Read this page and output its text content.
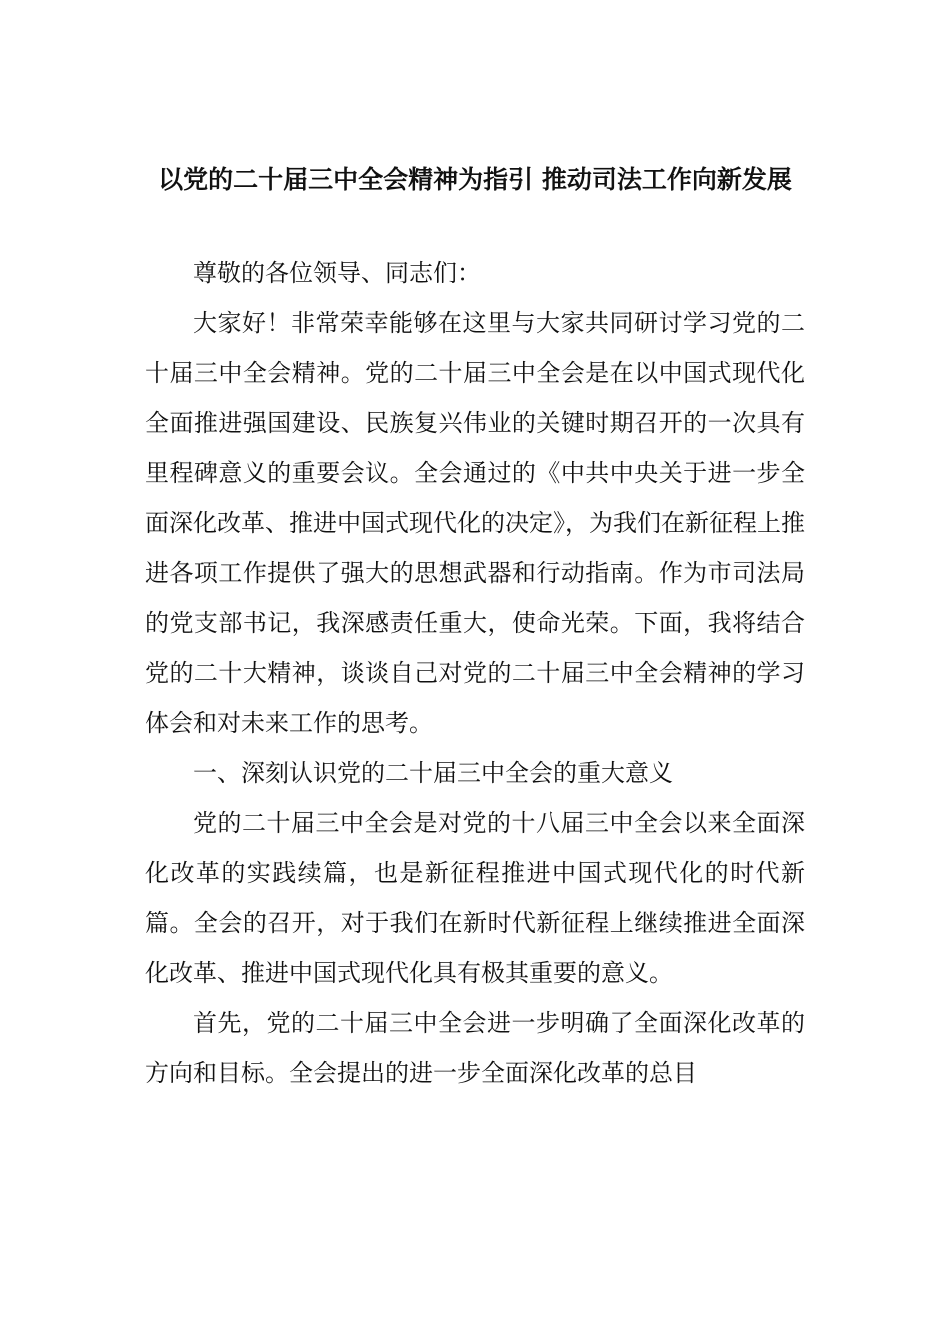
以党的二十届三中全会精神为指引 推动司法工作向新发展

尊敬的各位领导、同志们：

大家好！非常荣幸能够在这里与大家共同研讨学习党的二十届三中全会精神。党的二十届三中全会是在以中国式现代化全面推进强国建设、民族复兴伟业的关键时期召开的一次具有里程碑意义的重要会议。全会通过的《中共中央关于进一步全面深化改革、推进中国式现代化的决定》，为我们在新征程上推进各项工作提供了强大的思想武器和行动指南。作为市司法局的党支部书记，我深感责任重大，使命光荣。下面，我将结合党的二十大精神，谈谈自己对党的二十届三中全会精神的学习体会和对未来工作的思考。

一、深刻认识党的二十届三中全会的重大意义

党的二十届三中全会是对党的十八届三中全会以来全面深化改革的实践续篇，也是新征程推进中国式现代化的时代新篇。全会的召开，对于我们在新时代新征程上继续推进全面深化改革、推进中国式现代化具有极其重要的意义。

首先，党的二十届三中全会进一步明确了全面深化改革的方向和目标。全会提出的进一步全面深化改革的总目
